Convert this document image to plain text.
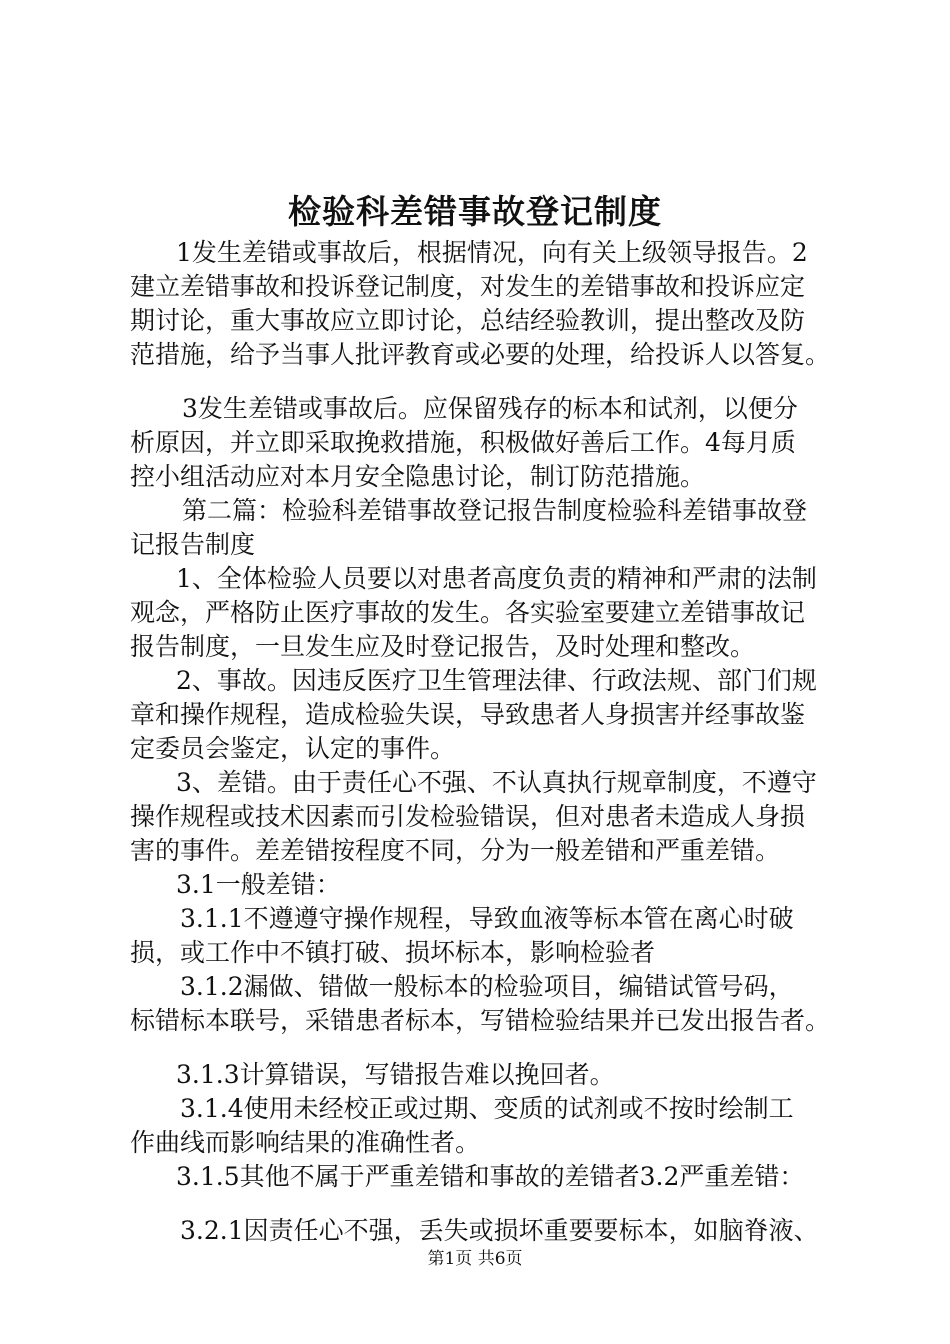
检验科差错事故登记制度
1发生差错或事故后，根据情况，向有关上级领导报告。2
建立差错事故和投诉登记制度，对发生的差错事故和投诉应定
期讨论，重大事故应立即讨论，总结经验教训，提出整改及防
范措施，给予当事人批评教育或必要的处理，给投诉人以答复。
3发生差错或事故后。应保留残存的标本和试剂，以便分
析原因，并立即采取挽救措施，积极做好善后工作。4每月质
控小组活动应对本月安全隐患讨论，制订防范措施。
第二篇：检验科差错事故登记报告制度检验科差错事故登
记报告制度
1、全体检验人员要以对患者高度负责的精神和严肃的法制
观念，严格防止医疗事故的发生。各实验室要建立差错事故记
报告制度，一旦发生应及时登记报告，及时处理和整改。
2、事故。因违反医疗卫生管理法律、行政法规、部门们规
章和操作规程，造成检验失误，导致患者人身损害并经事故鉴
定委员会鉴定，认定的事件。
3、差错。由于责任心不强、不认真执行规章制度，不遵守
操作规程或技术因素而引发检验错误，但对患者未造成人身损
害的事件。差差错按程度不同，分为一般差错和严重差错。
3.1一般差错：
3.1.1不遵遵守操作规程，导致血液等标本管在离心时破
损，或工作中不镇打破、损坏标本，影响检验者
3.1.2漏做、错做一般标本的检验项目，编错试管号码，
标错标本联号，采错患者标本，写错检验结果并已发出报告者。
3.1.3计算错误，写错报告难以挽回者。
3.1.4使用未经校正或过期、变质的试剂或不按时绘制工
作曲线而影响结果的准确性者。
3.1.5其他不属于严重差错和事故的差错者3.2严重差错：
3.2.1因责任心不强，丢失或损坏重要要标本，如脑脊液、
第1页 共6页
